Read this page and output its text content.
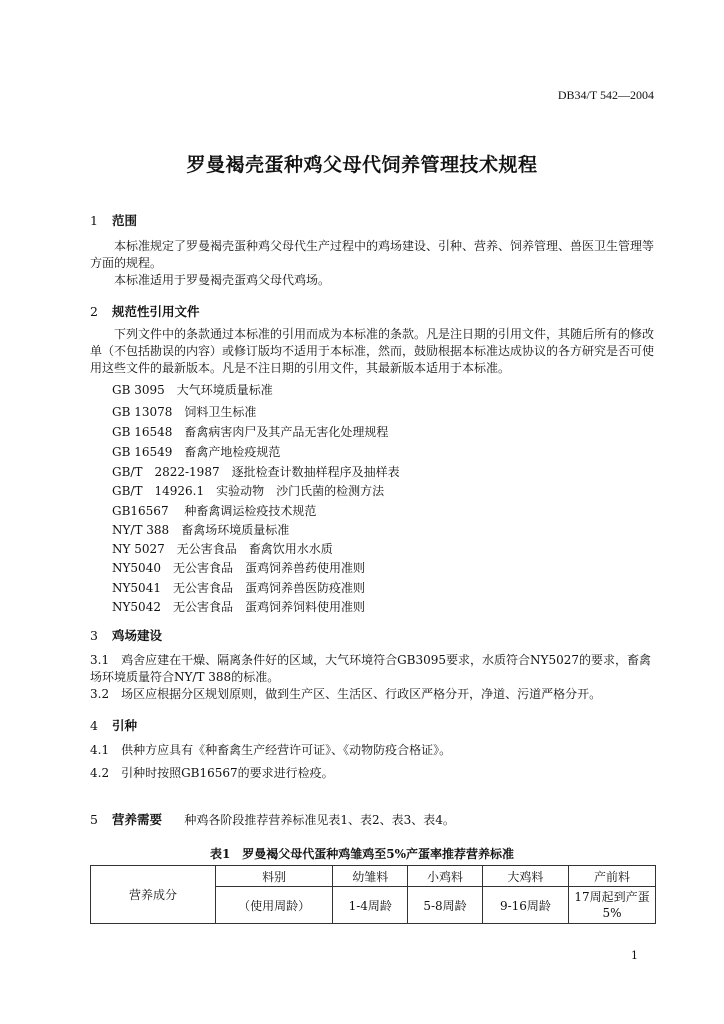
DB34/T 542—2004
罗曼褐壳蛋种鸡父母代饲养管理技术规程
1 范围
本标准规定了罗曼褐壳蛋种鸡父母代生产过程中的鸡场建设、引种、营养、饲养管理、兽医卫生管理等方面的规程。
本标准适用于罗曼褐壳蛋鸡父母代鸡场。
2 规范性引用文件
下列文件中的条款通过本标准的引用而成为本标准的条款。凡是注日期的引用文件，其随后所有的修改单（不包括勘误的内容）或修订版均不适用于本标准，然而，鼓励根据本标准达成协议的各方研究是否可使用这些文件的最新版本。凡是不注日期的引用文件，其最新版本适用于本标准。
GB 3095　大气环境质量标准
GB 13078　饲料卫生标准
GB 16548　畜禽病害肉尸及其产品无害化处理规程
GB 16549　畜禽产地检疫规范
GB/T　2822-1987　逐批检查计数抽样程序及抽样表
GB/T　14926.1　实验动物　沙门氏菌的检测方法
GB16567　 种畜禽调运检疫技术规范
NY/T 388　畜禽场环境质量标准
NY 5027　无公害食品　畜禽饮用水水质
NY5040　无公害食品　蛋鸡饲养兽药使用准则
NY5041　无公害食品　蛋鸡饲养兽医防疫准则
NY5042　无公害食品　蛋鸡饲养饲料使用准则
3 鸡场建设
3.1　鸡舍应建在干燥、隔离条件好的区域，大气环境符合GB3095要求，水质符合NY5027的要求，畜禽场环境质量符合NY/T 388的标准。
3.2　场区应根据分区规划原则，做到生产区、生活区、行政区严格分开，净道、污道严格分开。
4 引种
4.1　供种方应具有《种畜禽生产经营许可证》、《动物防疫合格证》。
4.2　引种时按照GB16567的要求进行检疫。
5 营养需要 种鸡各阶段推荐营养标准见表1、表2、表3、表4。
表1　罗曼褐父母代蛋种鸡雏鸡至5%产蛋率推荐营养标准
营养成分	料别	幼雏料	小鸡料	大鸡料	产前料
	（使用周龄）	1-4周龄	5-8周龄	9-16周龄	17周起到产蛋5%
1
